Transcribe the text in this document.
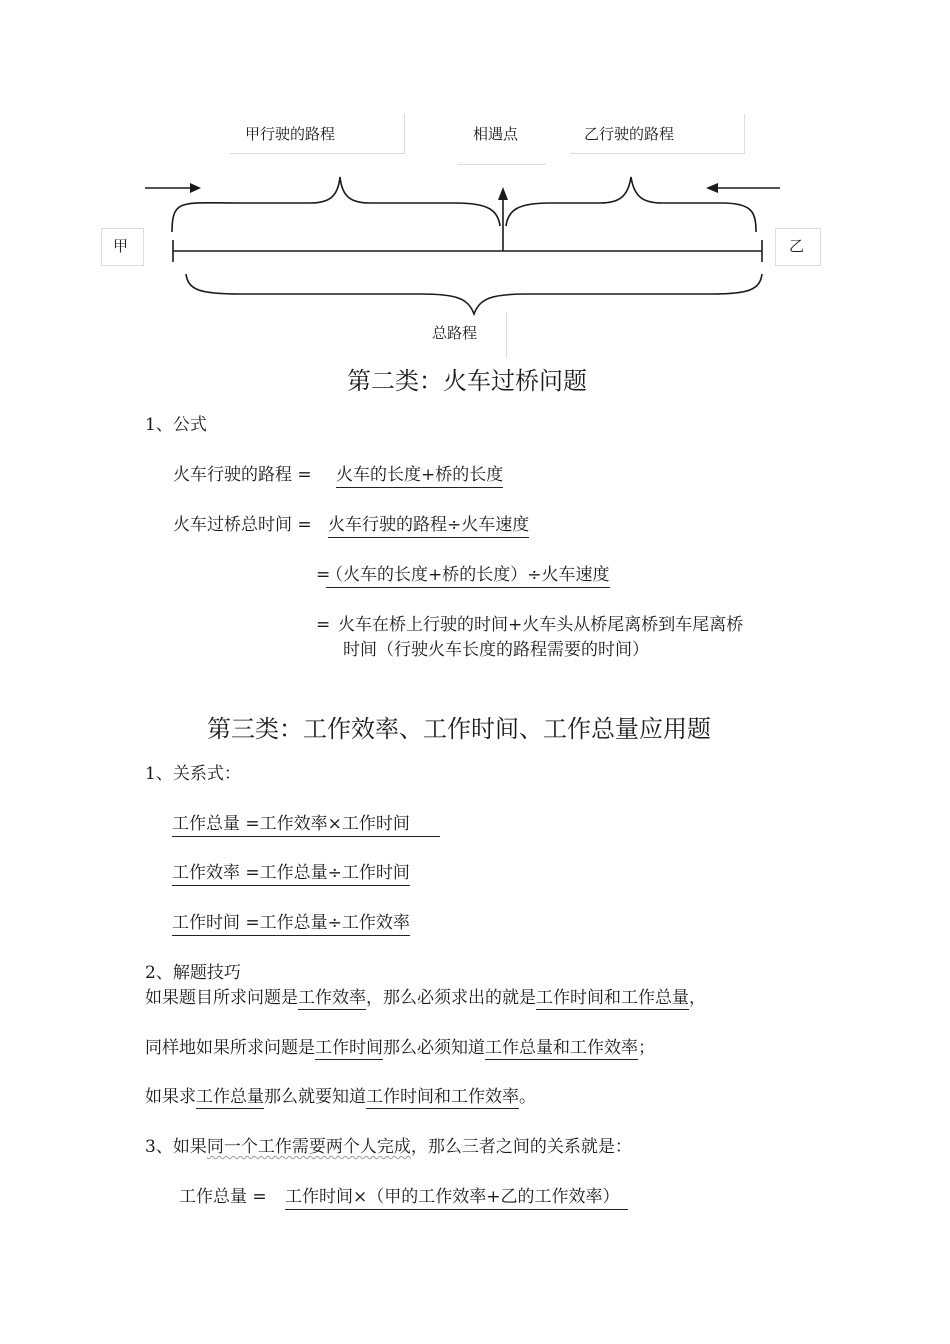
甲行驶的路程	相遇点	乙行驶的路程
甲	乙
总路程
第二类：火车过桥问题
1、公式
火车行驶的路程 = 火车的长度+桥的长度
火车过桥总时间 = 火车行驶的路程÷火车速度
=
（火车的长度+桥的长度）÷火车速度
= 火车在桥上行驶的时间+火车头从桥尾离桥到车尾离桥
时间（行驶火车长度的路程需要的时间）
第三类：工作效率、工作时间、工作总量应用题
1、关系式：
工作总量 =工作效率×工作时间
工作效率 =工作总量÷工作时间
工作时间 =工作总量÷工作效率
2、解题技巧
如果题目所求问题是工作效率，那么必须求出的就是工作时间和工作总量，
同样地如果所求问题是工作时间那么必须知道工作总量和工作效率；
如果求工作总量那么就要知道工作时间和工作效率。
3、如果同一个工作需要两个人完成，那么三者之间的关系就是：
工作总量 = 工作时间×（甲的工作效率+乙的工作效率）
